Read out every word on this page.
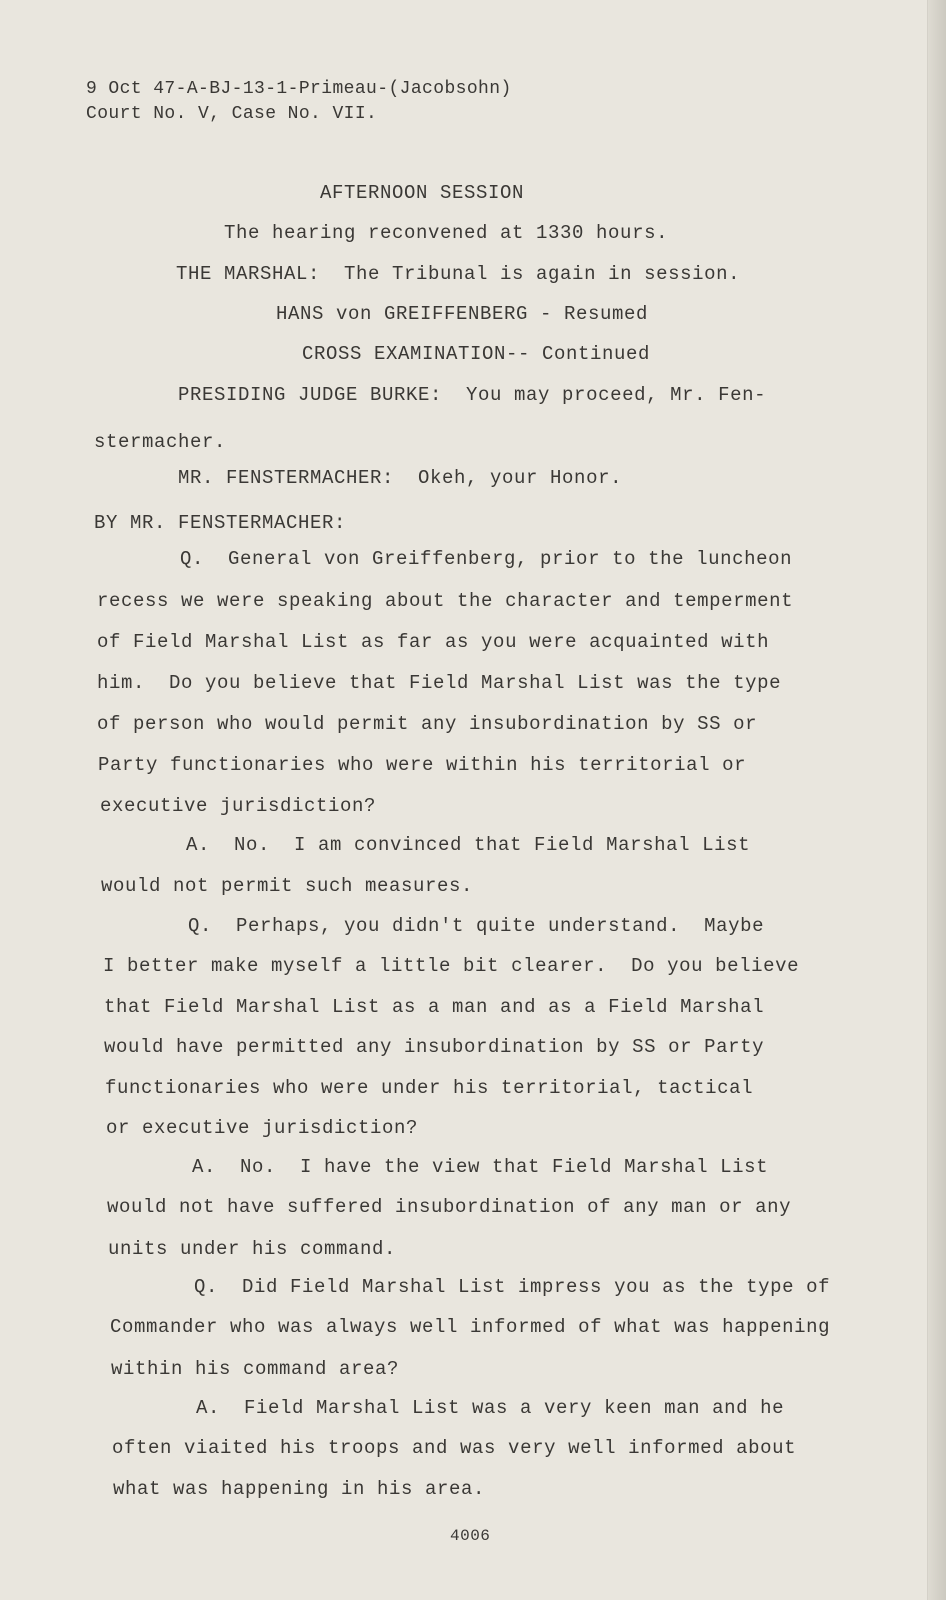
9 Oct 47-A-BJ-13-1-Primeau-(Jacobsohn)
Court No. V, Case No. VII.
AFTERNOON SESSION
The hearing reconvened at 1330 hours.
THE MARSHAL:  The Tribunal is again in session.
HANS von GREIFFENBERG - Resumed
CROSS EXAMINATION-- Continued
PRESIDING JUDGE BURKE:  You may proceed, Mr. Fen-
stermacher.
MR. FENSTERMACHER:  Okeh, your Honor.
BY MR. FENSTERMACHER:
Q.  General von Greiffenberg, prior to the luncheon
recess we were speaking about the character and temperment
of Field Marshal List as far as you were acquainted with
him.  Do you believe that Field Marshal List was the type
of person who would permit any insubordination by SS or
Party functionaries who were within his territorial or
executive jurisdiction?
A.  No.  I am convinced that Field Marshal List
would not permit such measures.
Q.  Perhaps, you didn't quite understand.  Maybe
I better make myself a little bit clearer.  Do you believe
that Field Marshal List as a man and as a Field Marshal
would have permitted any insubordination by SS or Party
functionaries who were under his territorial, tactical
or executive jurisdiction?
A.  No.  I have the view that Field Marshal List
would not have suffered insubordination of any man or any
units under his command.
Q.  Did Field Marshal List impress you as the type of
Commander who was always well informed of what was happening
within his command area?
A.  Field Marshal List was a very keen man and he
often viaited his troops and was very well informed about
what was happening in his area.
4006
